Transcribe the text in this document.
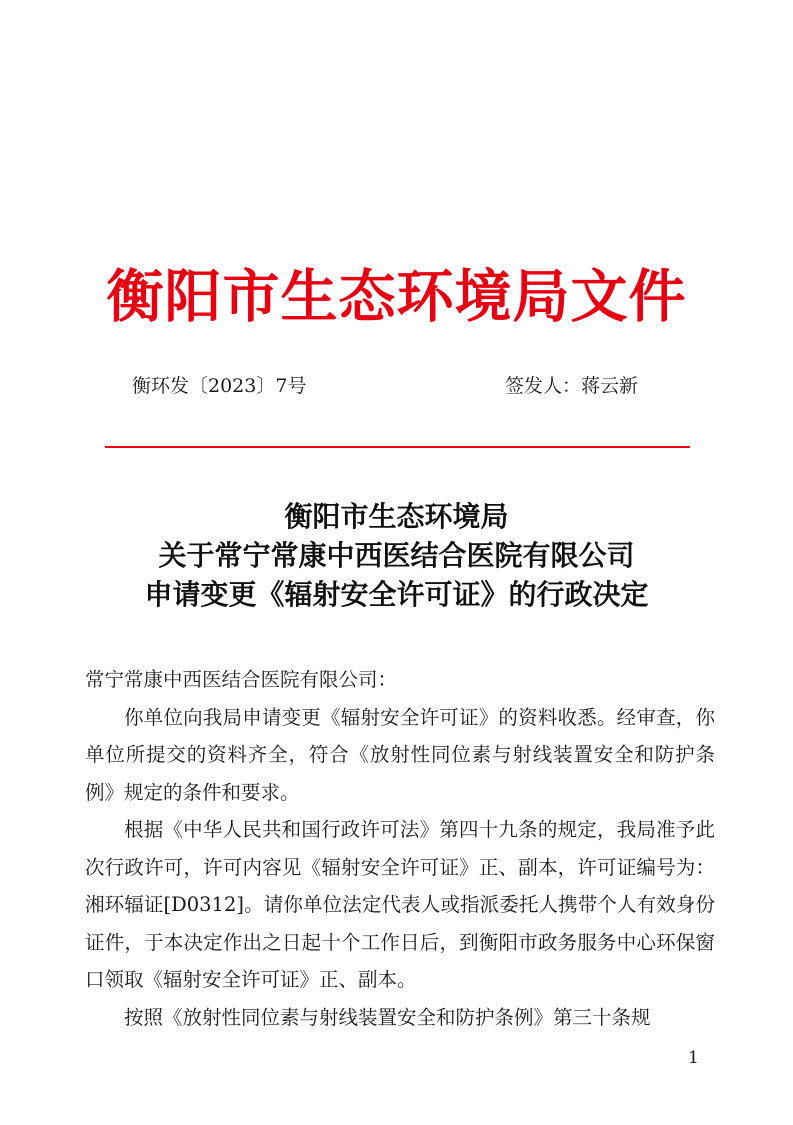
衡阳市生态环境局文件
衡环发〔2023〕7号	签发人：蒋云新
衡阳市生态环境局
关于常宁常康中西医结合医院有限公司
申请变更《辐射安全许可证》的行政决定

常宁常康中西医结合医院有限公司：

你单位向我局申请变更《辐射安全许可证》的资料收悉。经审查，你单位所提交的资料齐全，符合《放射性同位素与射线装置安全和防护条例》规定的条件和要求。

根据《中华人民共和国行政许可法》第四十九条的规定，我局准予此次行政许可，许可内容见《辐射安全许可证》正、副本，许可证编号为：湘环辐证[D0312]。请你单位法定代表人或指派委托人携带个人有效身份证件，于本决定作出之日起十个工作日后，到衡阳市政务服务中心环保窗口领取《辐射安全许可证》正、副本。

按照《放射性同位素与射线装置安全和防护条例》第三十条规

1
